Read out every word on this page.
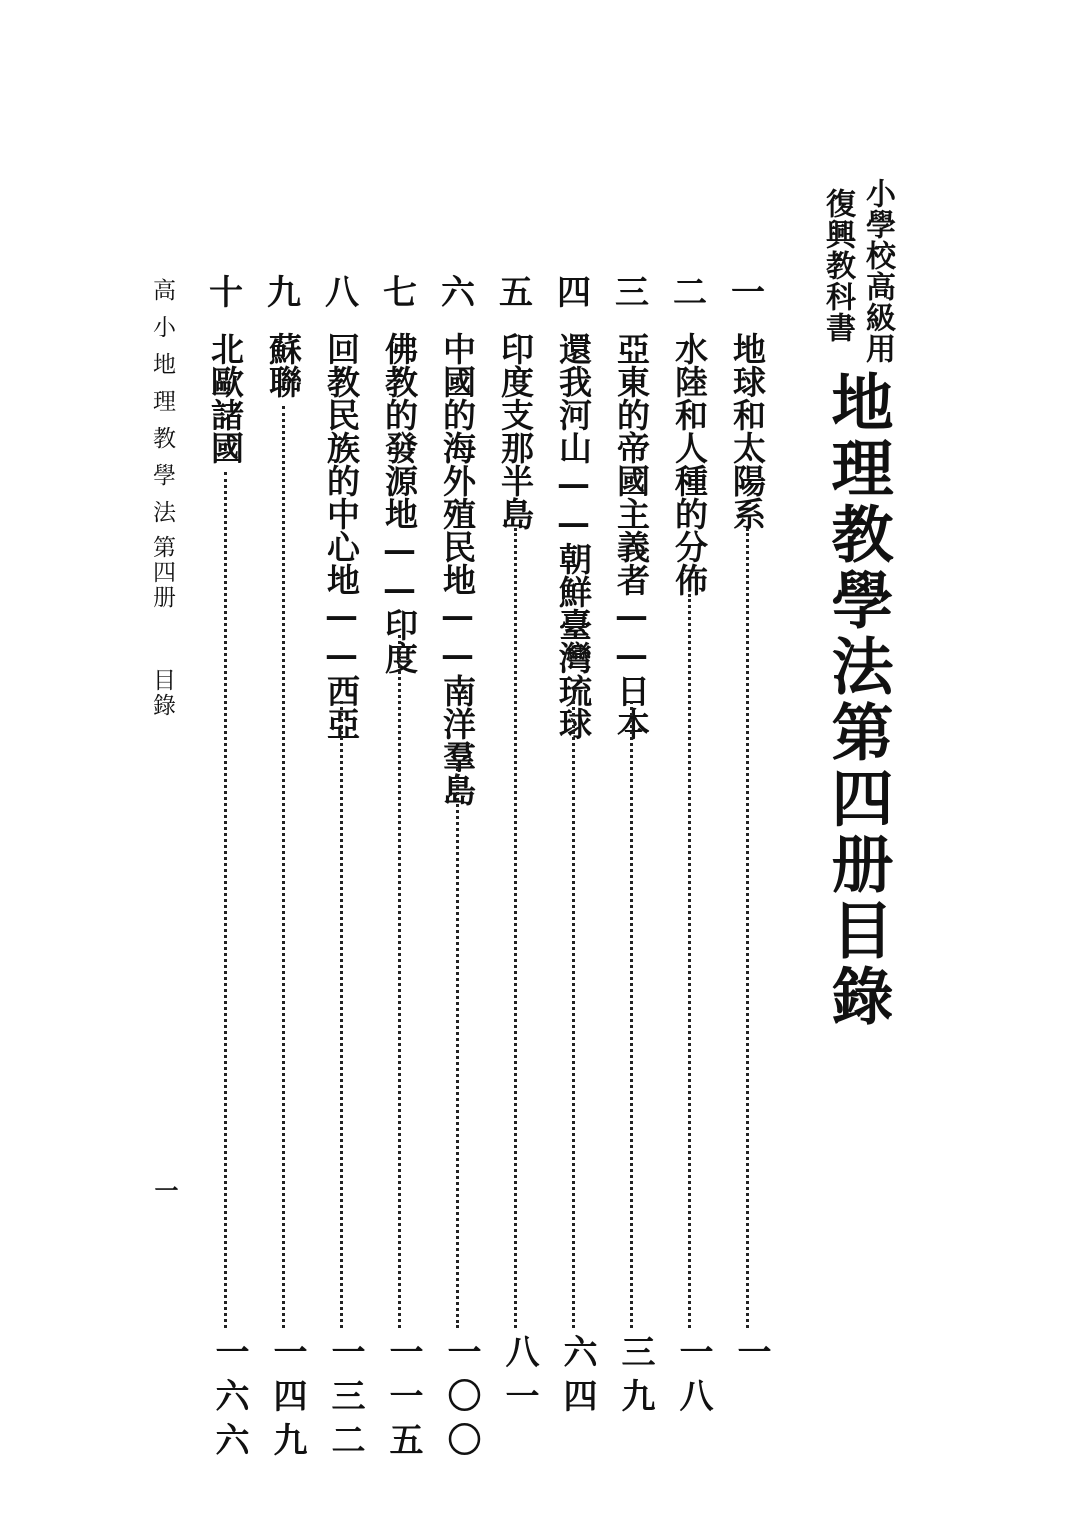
小學校高級用
復興教科書
地理教學法第四册目錄
一
地球和太陽系
一
二
水陸和人種的分佈
一八
三
亞東的帝國主義者——日本
三九
四
還我河山——朝鮮臺灣琉球
六四
五
印度支那半島
八一
六
中國的海外殖民地——南洋羣島
一〇〇
七
佛教的發源地——印度
一一五
八
回教民族的中心地——西亞
一三二
九
蘇聯
一四九
十
北歐諸國
一六六
高小地理教學法
第四册
目錄
一
